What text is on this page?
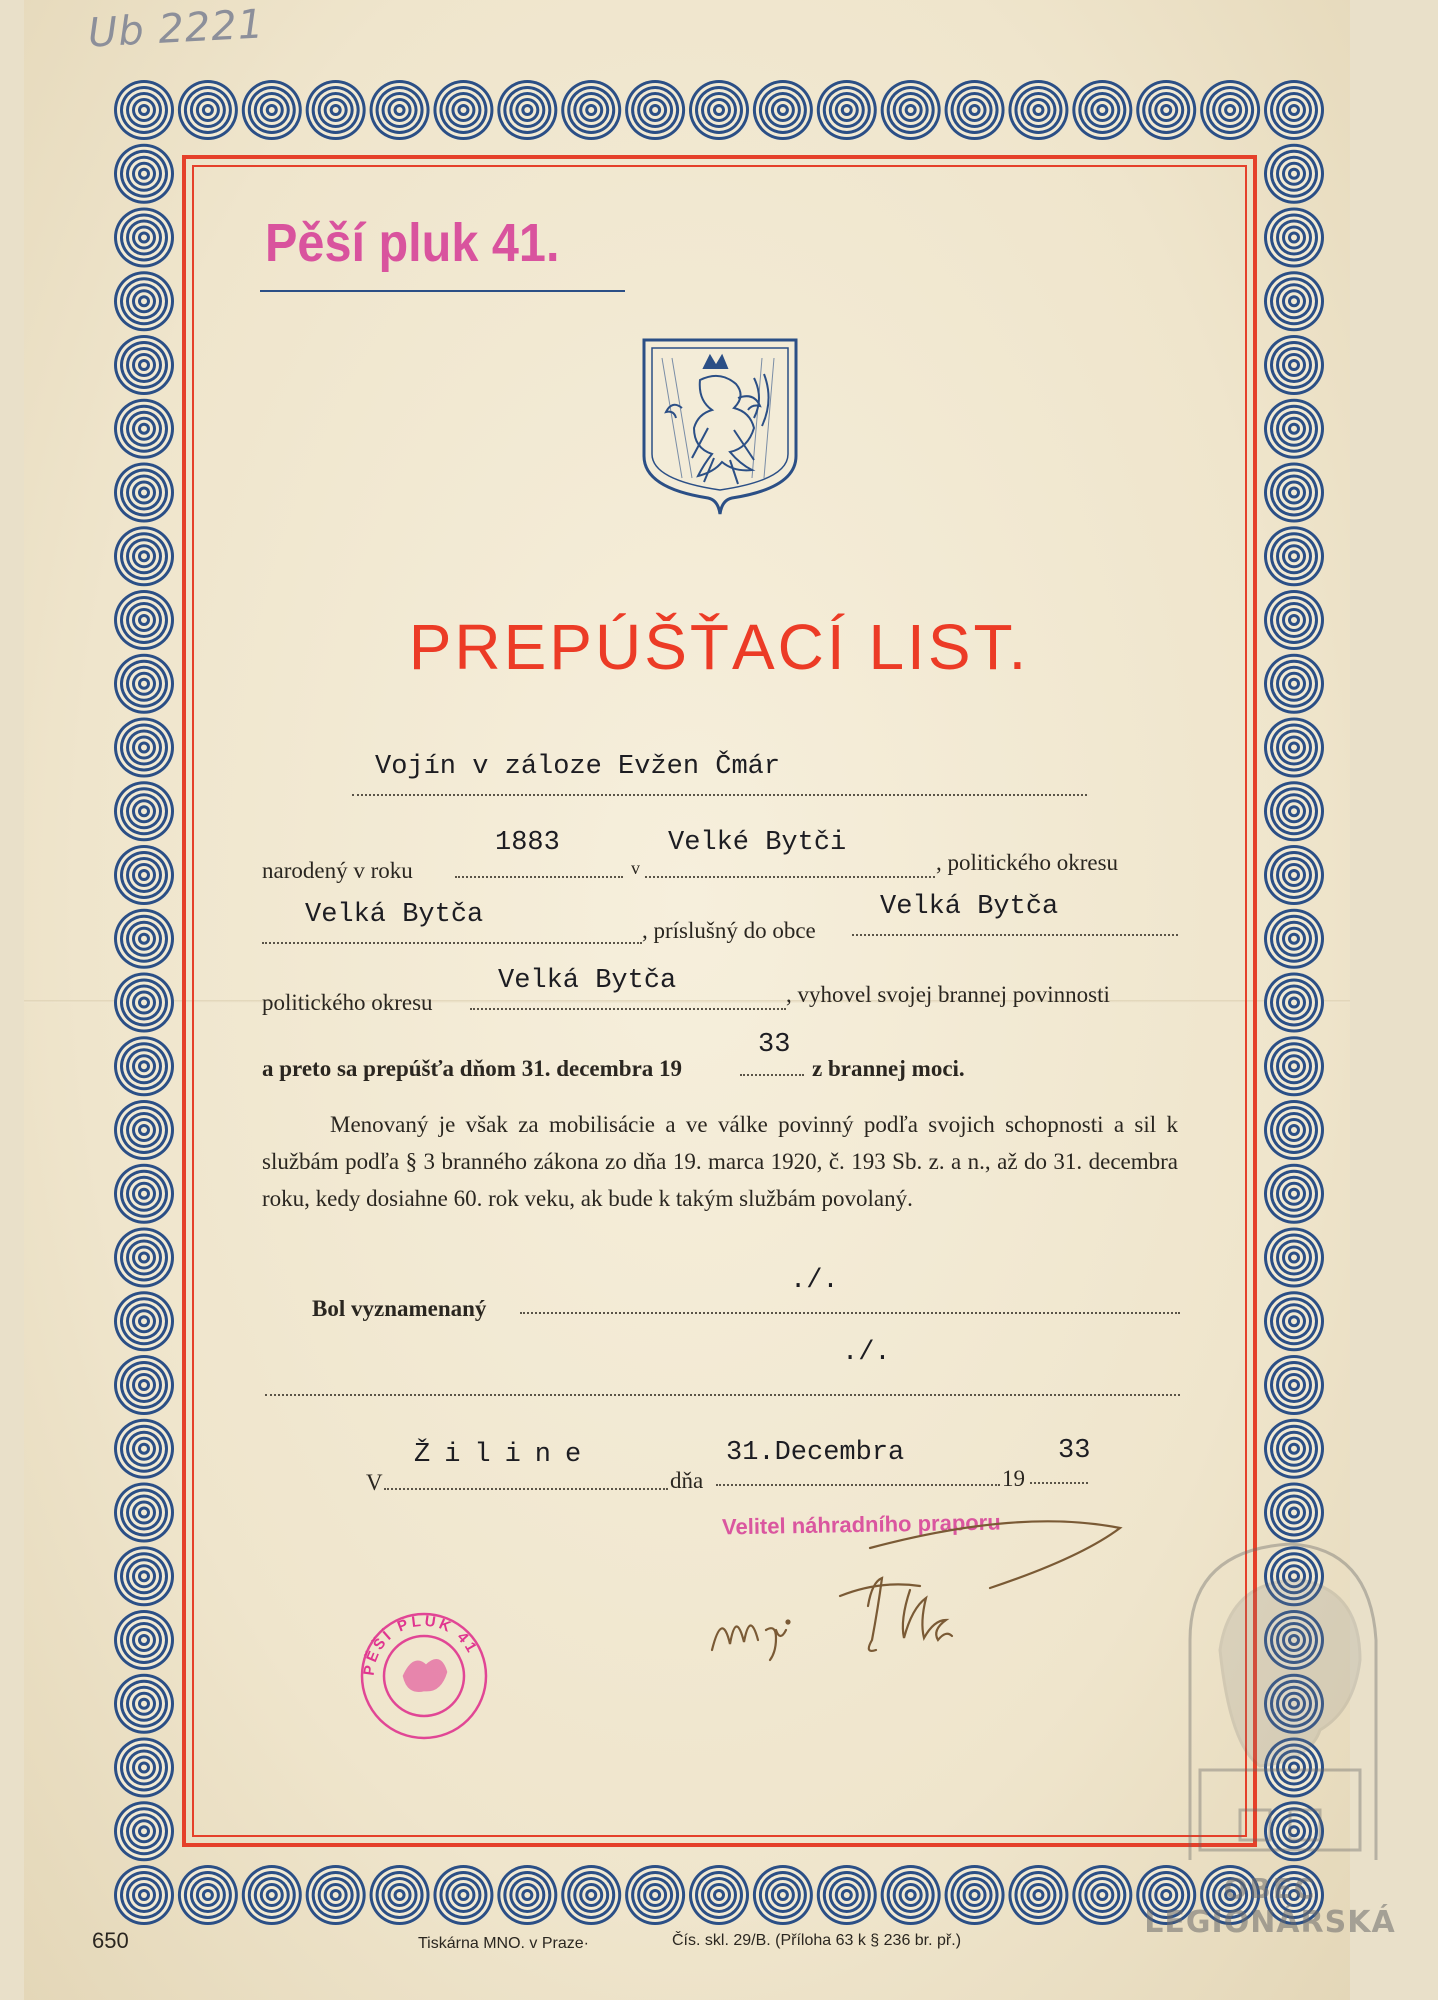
Ub 2221
Pěší pluk 41.
PREPÚŠŤACÍ LIST.
Vojín v záloze Evžen Čmár
narodený v roku
1883
v
Velké Bytči
, politického okresu
Velká Bytča
, príslušný do obce
Velká Bytča
politického okresu
Velká Bytča	, vyhovel svojej brannej povinnosti
a preto sa prepúšťa dňom 31. decembra 19
33
z brannej moci.
Menovaný je však za mobilisácie a ve válke povinný podľa svojich schopnosti a sil k službám podľa § 3 branného zákona zo dňa 19. marca 1920, č. 193 Sb. z. a n., až do 31. decembra roku, kedy dosiahne 60. rok veku, ak bude k takým službám povolaný.
Bol vyznamenaný
./.
./.
V
Žiline
dňa
31.Decembra
19
33
Velitel náhradního praporu
PĚŠÍ PLUK 41
OBEC
LEGIONÁRSKÁ
650	Tiskárna MNO. v Praze·	Čís. skl. 29/B. (Příloha 63 k § 236 br. př.)
